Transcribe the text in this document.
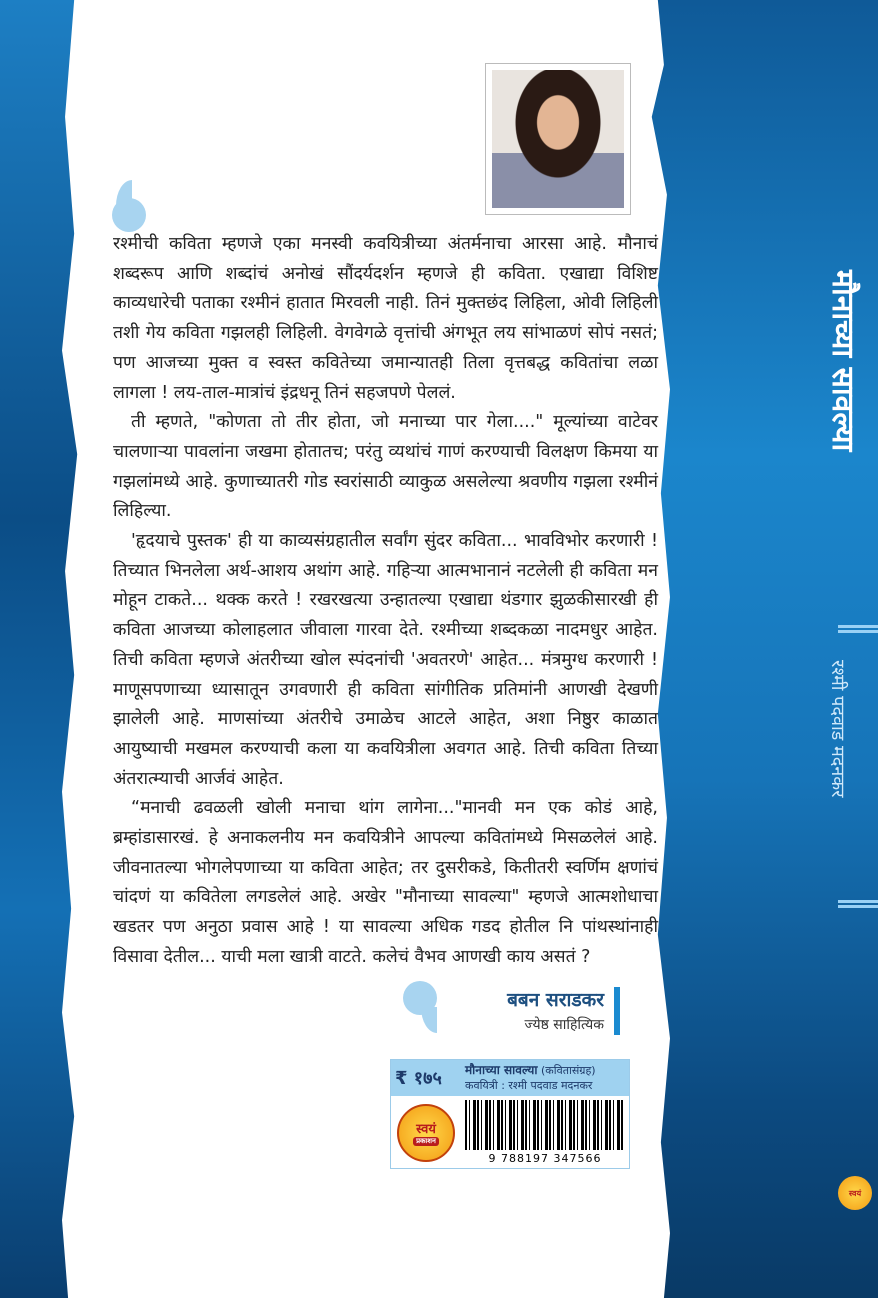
रश्मीची कविता म्हणजे एका मनस्वी कवयित्रीच्या अंतर्मनाचा आरसा आहे. मौनाचं शब्दरूप आणि शब्दांचं अनोखं सौंदर्यदर्शन म्हणजे ही कविता. एखाद्या विशिष्ट काव्यधारेची पताका रश्मीनं हातात मिरवली नाही. तिनं मुक्तछंद लिहिला, ओवी लिहिली तशी गेय कविता गझलही लिहिली. वेगवेगळे वृत्तांची अंगभूत लय सांभाळणं सोपं नसतं; पण आजच्या मुक्त व स्वस्त कवितेच्या जमान्यातही तिला वृत्तबद्ध कवितांचा लळा लागला ! लय-ताल-मात्रांचं इंद्रधनू तिनं सहजपणे पेललं.

ती म्हणते, "कोणता तो तीर होता, जो मनाच्या पार गेला...." मूल्यांच्या वाटेवर चालणाऱ्या पावलांना जखमा होतातच; परंतु व्यथांचं गाणं करण्याची विलक्षण किमया या गझलांमध्ये आहे. कुणाच्यातरी गोड स्वरांसाठी व्याकुळ असलेल्या श्रवणीय गझला रश्मीनं लिहिल्या.

'हृदयाचे पुस्तक' ही या काव्यसंग्रहातील सर्वांग सुंदर कविता... भावविभोर करणारी ! तिच्यात भिनलेला अर्थ-आशय अथांग आहे. गहिऱ्या आत्मभानानं नटलेली ही कविता मन मोहून टाकते... थक्क करते ! रखरखत्या उन्हातल्या एखाद्या थंडगार झुळकीसारखी ही कविता आजच्या कोलाहलात जीवाला गारवा देते. रश्मीच्या शब्दकळा नादमधुर आहेत. तिची कविता म्हणजे अंतरीच्या खोल स्पंदनांची 'अवतरणे' आहेत... मंत्रमुग्ध करणारी ! माणूसपणाच्या ध्यासातून उगवणारी ही कविता सांगीतिक प्रतिमांनी आणखी देखणी झालेली आहे. माणसांच्या अंतरीचे उमाळेच आटले आहेत, अशा निष्ठुर काळात आयुष्याची मखमल करण्याची कला या कवयित्रीला अवगत आहे. तिची कविता तिच्या अंतरात्म्याची आर्जवं आहेत.

“मनाची ढवळली खोली मनाचा थांग लागेना..."मानवी मन एक कोडं आहे, ब्रम्हांडासारखं. हे अनाकलनीय मन कवयित्रीने आपल्या कवितांमध्ये मिसळलेलं आहे. जीवनातल्या भोगलेपणाच्या या कविता आहेत; तर दुसरीकडे, कितीतरी स्वर्णिम क्षणांचं चांदणं या कवितेला लगडलेलं आहे. अखेर "मौनाच्या सावल्या" म्हणजे आत्मशोधाचा खडतर पण अनुठा प्रवास आहे ! या सावल्या अधिक गडद होतील नि पांथस्थांनाही विसावा देतील... याची मला खात्री वाटते. कलेचं वैभव आणखी काय असतं ?

बबन सराडकर
ज्येष्ठ साहित्यिक
₹ १७५	मौनाच्या सावल्या (कवितासंग्रह)
कवयित्री : रश्मी पदवाड मदनकर
स्वयं
प्रकाशन
9 788197 347566
मौनाच्या सावल्या
रश्मी पदवाड मदनकर
स्वयं
